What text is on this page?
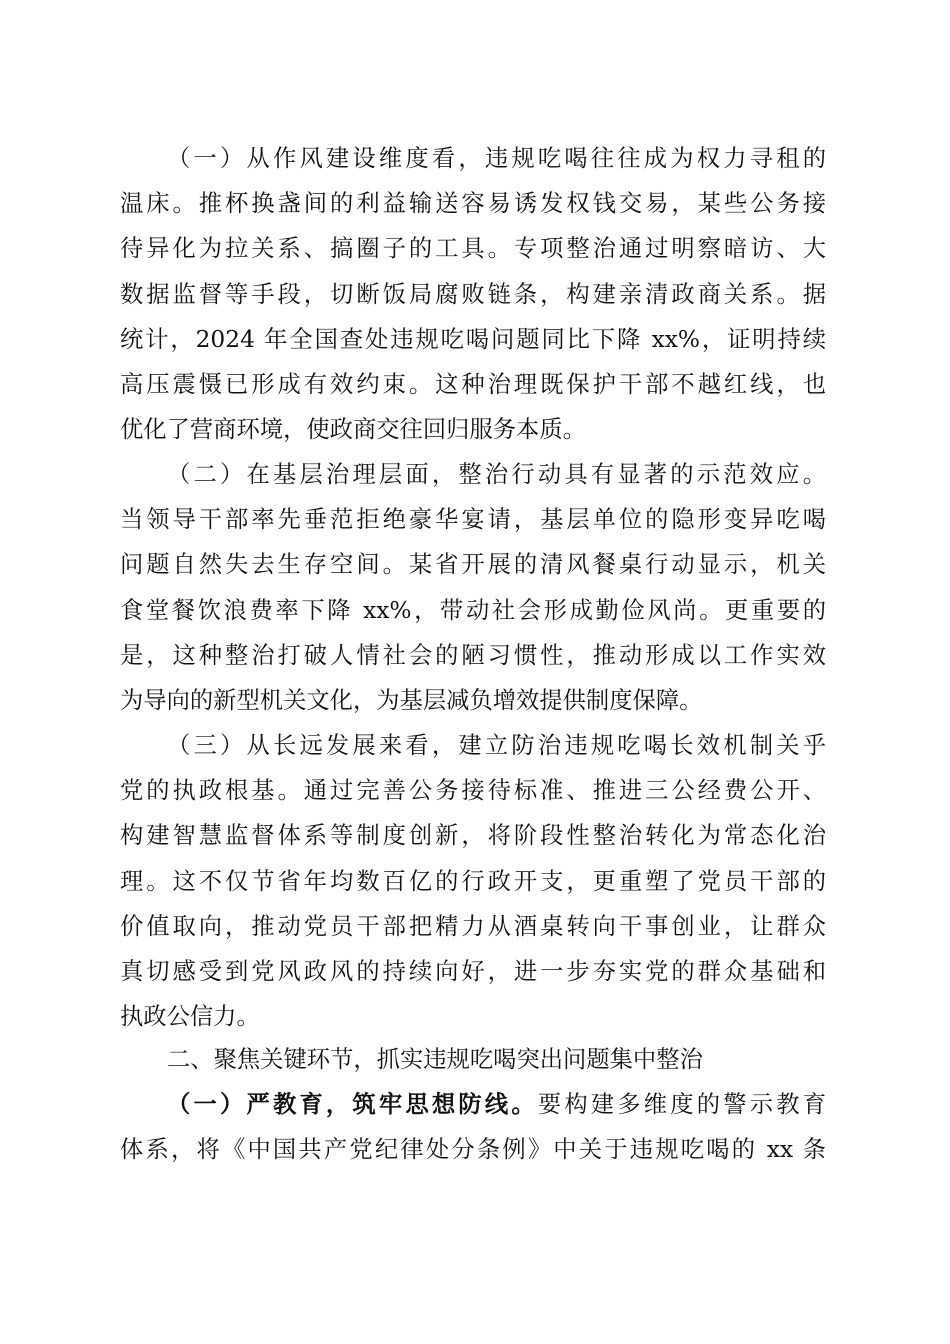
（一）从作风建设维度看，违规吃喝往往成为权力寻租的
温床。推杯换盏间的利益输送容易诱发权钱交易，某些公务接
待异化为拉关系、搞圈子的工具。专项整治通过明察暗访、大
数据监督等手段，切断饭局腐败链条，构建亲清政商关系。据
统计，2024 年全国查处违规吃喝问题同比下降 xx%，证明持续
高压震慑已形成有效约束。这种治理既保护干部不越红线，也
优化了营商环境，使政商交往回归服务本质。
（二）在基层治理层面，整治行动具有显著的示范效应。
当领导干部率先垂范拒绝豪华宴请，基层单位的隐形变异吃喝
问题自然失去生存空间。某省开展的清风餐桌行动显示，机关
食堂餐饮浪费率下降 xx%，带动社会形成勤俭风尚。更重要的
是，这种整治打破人情社会的陋习惯性，推动形成以工作实效
为导向的新型机关文化，为基层减负增效提供制度保障。
（三）从长远发展来看，建立防治违规吃喝长效机制关乎
党的执政根基。通过完善公务接待标准、推进三公经费公开、
构建智慧监督体系等制度创新，将阶段性整治转化为常态化治
理。这不仅节省年均数百亿的行政开支，更重塑了党员干部的
价值取向，推动党员干部把精力从酒桌转向干事创业，让群众
真切感受到党风政风的持续向好，进一步夯实党的群众基础和
执政公信力。
二、聚焦关键环节，抓实违规吃喝突出问题集中整治
（一）严教育，筑牢思想防线。要构建多维度的警示教育
体系，将《中国共产党纪律处分条例》中关于违规吃喝的 xx 条
